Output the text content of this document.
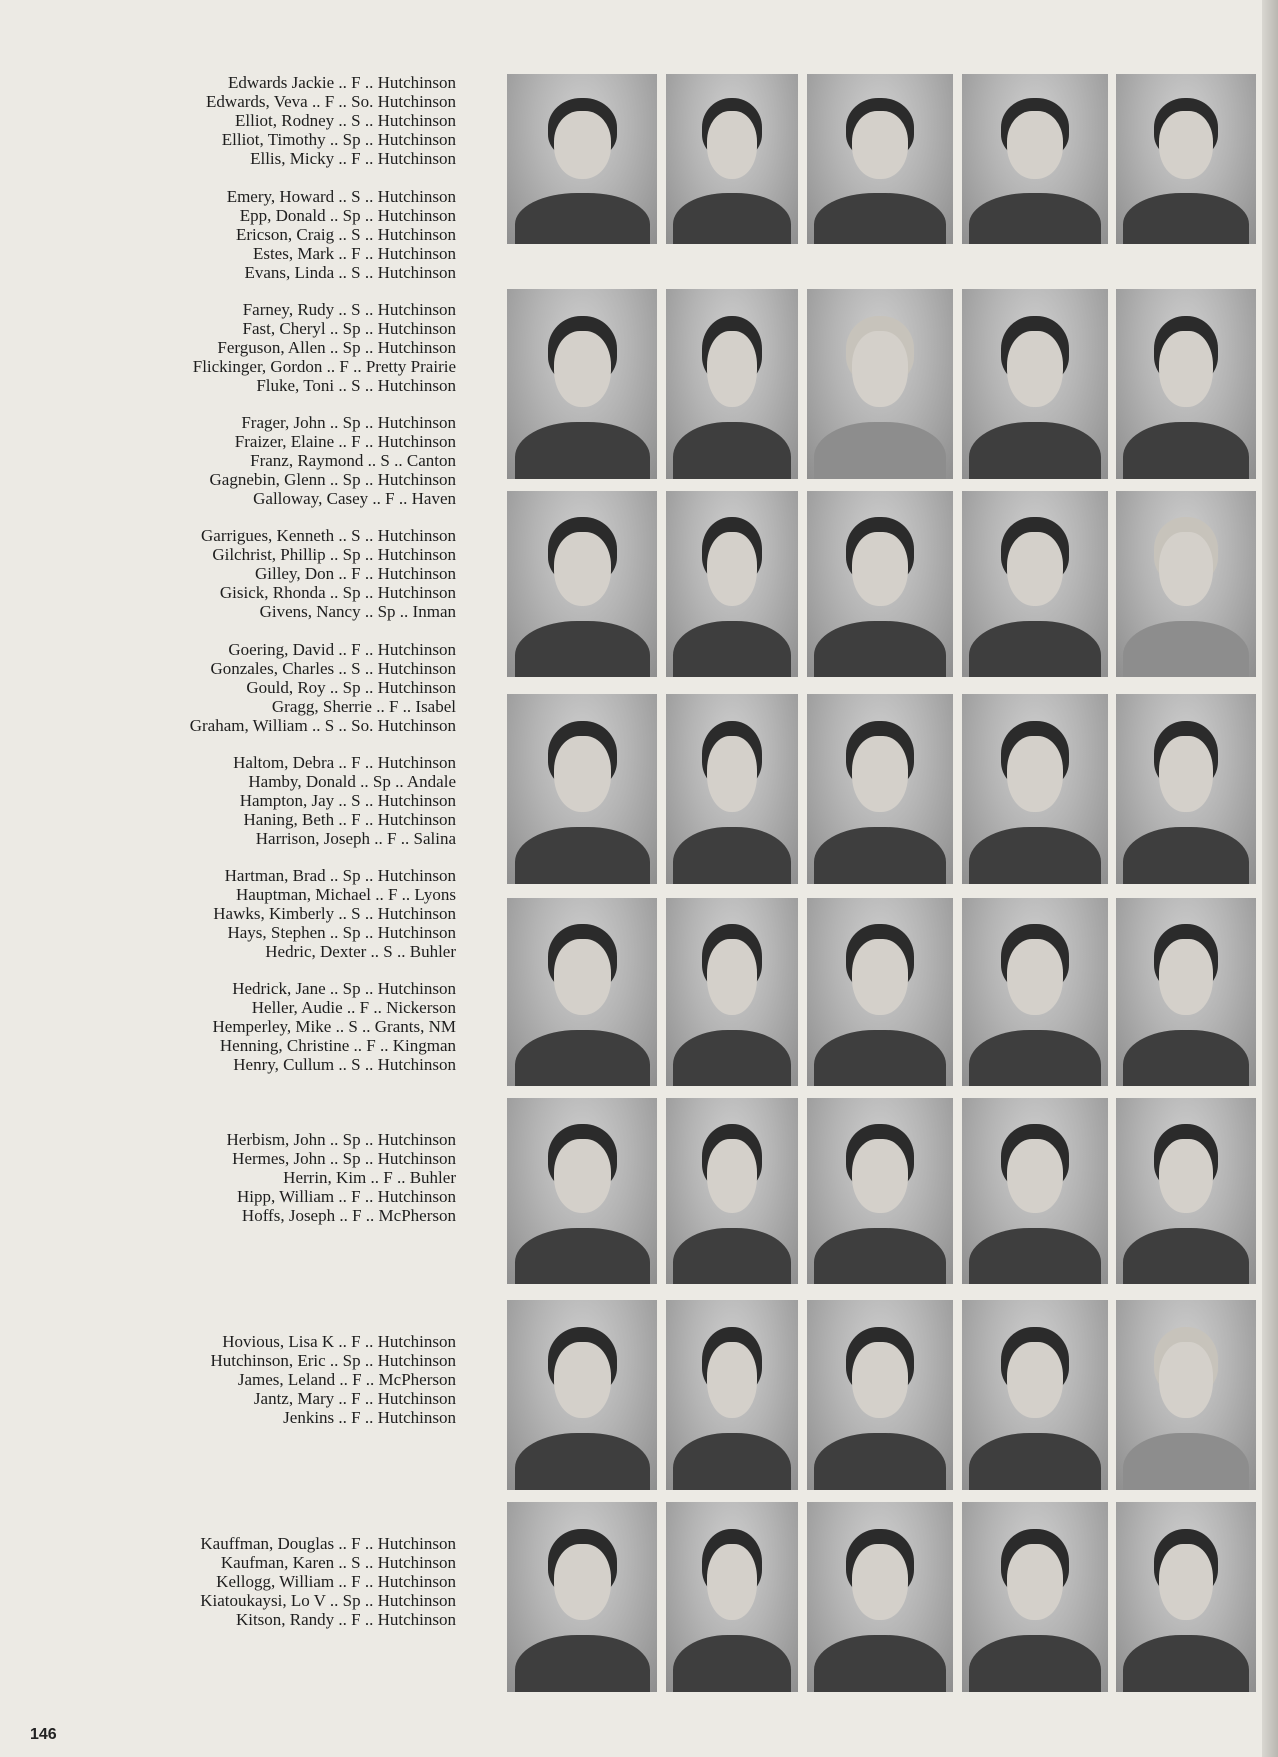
Edwards Jackie .. F .. Hutchinson
Edwards, Veva .. F .. So. Hutchinson
Elliot, Rodney .. S .. Hutchinson
Elliot, Timothy .. Sp .. Hutchinson
Ellis, Micky .. F .. Hutchinson
Emery, Howard .. S .. Hutchinson
Epp, Donald .. Sp .. Hutchinson
Ericson, Craig .. S .. Hutchinson
Estes, Mark .. F .. Hutchinson
Evans, Linda .. S .. Hutchinson
Farney, Rudy .. S .. Hutchinson
Fast, Cheryl .. Sp .. Hutchinson
Ferguson, Allen .. Sp .. Hutchinson
Flickinger, Gordon .. F .. Pretty Prairie
Fluke, Toni .. S .. Hutchinson
Frager, John .. Sp .. Hutchinson
Fraizer, Elaine .. F .. Hutchinson
Franz, Raymond .. S .. Canton
Gagnebin, Glenn .. Sp .. Hutchinson
Galloway, Casey .. F .. Haven
Garrigues, Kenneth .. S .. Hutchinson
Gilchrist, Phillip .. Sp .. Hutchinson
Gilley, Don .. F .. Hutchinson
Gisick, Rhonda .. Sp .. Hutchinson
Givens, Nancy .. Sp .. Inman
Goering, David .. F .. Hutchinson
Gonzales, Charles .. S .. Hutchinson
Gould, Roy .. Sp .. Hutchinson
Gragg, Sherrie .. F .. Isabel
Graham, William .. S .. So. Hutchinson
Haltom, Debra .. F .. Hutchinson
Hamby, Donald .. Sp .. Andale
Hampton, Jay .. S .. Hutchinson
Haning, Beth .. F .. Hutchinson
Harrison, Joseph .. F .. Salina
Hartman, Brad .. Sp .. Hutchinson
Hauptman, Michael .. F .. Lyons
Hawks, Kimberly .. S .. Hutchinson
Hays, Stephen .. Sp .. Hutchinson
Hedric, Dexter .. S .. Buhler
Hedrick, Jane .. Sp .. Hutchinson
Heller, Audie .. F .. Nickerson
Hemperley, Mike .. S .. Grants, NM
Henning, Christine .. F .. Kingman
Henry, Cullum .. S .. Hutchinson
Herbism, John .. Sp .. Hutchinson
Hermes, John .. Sp .. Hutchinson
Herrin, Kim .. F .. Buhler
Hipp, William .. F .. Hutchinson
Hoffs, Joseph .. F .. McPherson
Hovious, Lisa K .. F .. Hutchinson
Hutchinson, Eric .. Sp .. Hutchinson
James, Leland .. F .. McPherson
Jantz, Mary .. F .. Hutchinson
Jenkins .. F .. Hutchinson
Kauffman, Douglas .. F .. Hutchinson
Kaufman, Karen .. S .. Hutchinson
Kellogg, William .. F .. Hutchinson
Kiatoukaysi, Lo V .. Sp .. Hutchinson
Kitson, Randy .. F .. Hutchinson
146
